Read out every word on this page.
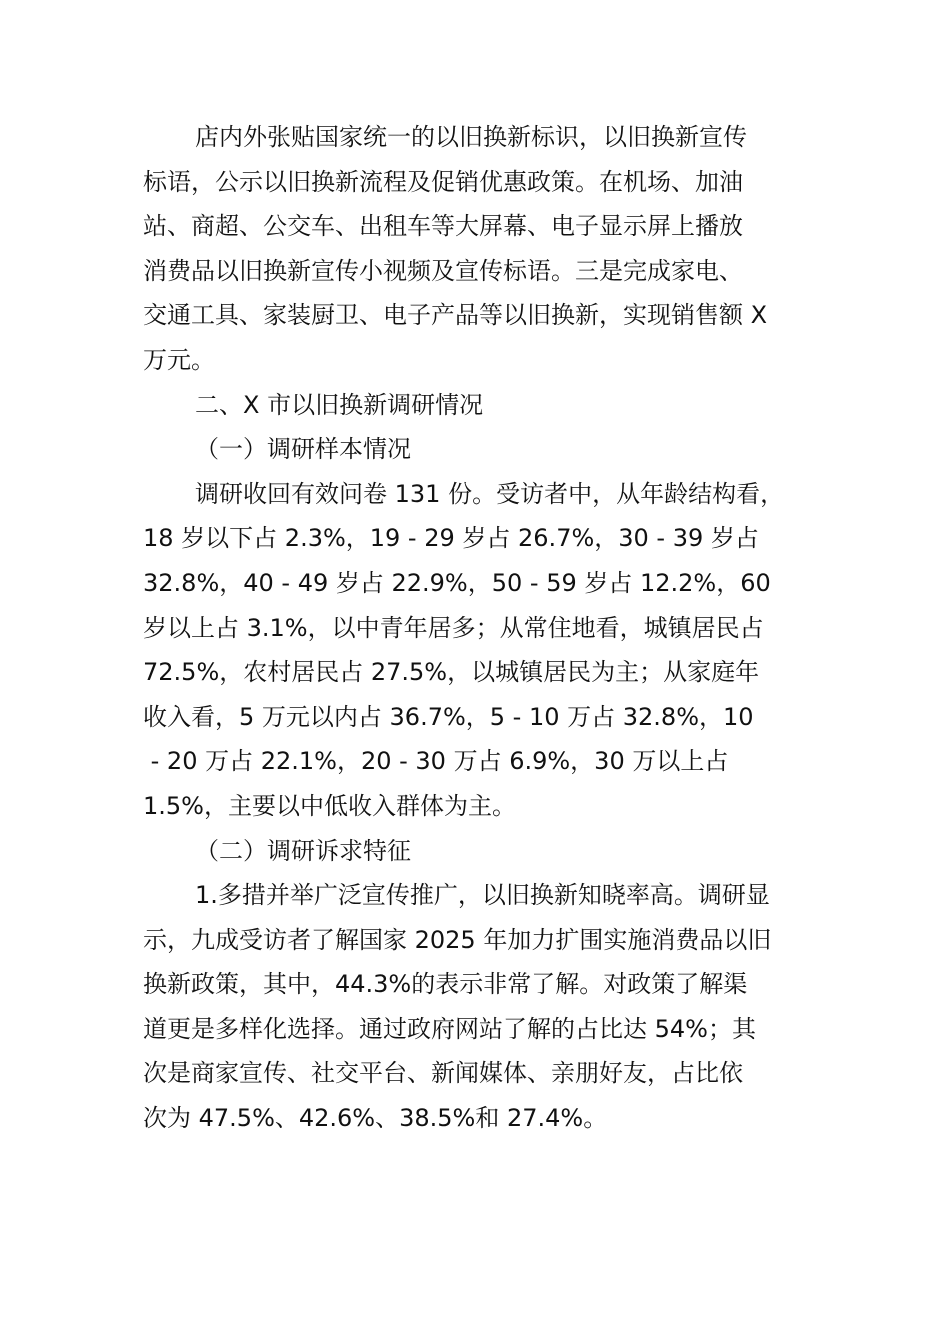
店内外张贴国家统一的以旧换新标识，以旧换新宣传
标语，公示以旧换新流程及促销优惠政策。在机场、加油
站、商超、公交车、出租车等大屏幕、电子显示屏上播放
消费品以旧换新宣传小视频及宣传标语。三是完成家电、
交通工具、家装厨卫、电子产品等以旧换新，实现销售额 X
万元。
二、X 市以旧换新调研情况
（一）调研样本情况
调研收回有效问卷 131 份。受访者中，从年龄结构看，
18 岁以下占 2.3%，19 - 29 岁占 26.7%，30 - 39 岁占
32.8%，40 - 49 岁占 22.9%，50 - 59 岁占 12.2%，60
岁以上占 3.1%，以中青年居多；从常住地看，城镇居民占
72.5%，农村居民占 27.5%，以城镇居民为主；从家庭年
收入看，5 万元以内占 36.7%，5 - 10 万占 32.8%，10
- 20 万占 22.1%，20 - 30 万占 6.9%，30 万以上占
1.5%，主要以中低收入群体为主。
（二）调研诉求特征
1.多措并举广泛宣传推广，以旧换新知晓率高。调研显
示，九成受访者了解国家 2025 年加力扩围实施消费品以旧
换新政策，其中，44.3%的表示非常了解。对政策了解渠
道更是多样化选择。通过政府网站了解的占比达 54%；其
次是商家宣传、社交平台、新闻媒体、亲朋好友，占比依
次为 47.5%、42.6%、38.5%和 27.4%。
